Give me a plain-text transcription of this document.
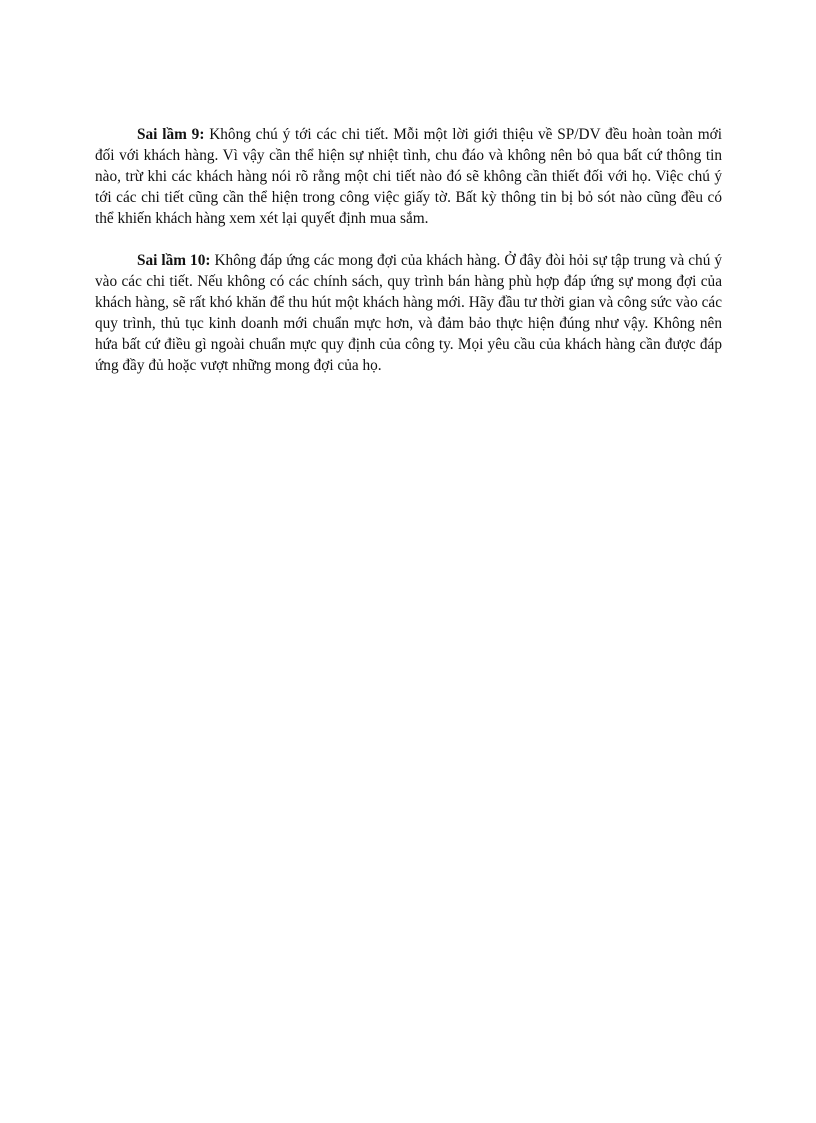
Sai lầm 9: Không chú ý tới các chi tiết. Mỗi một lời giới thiệu về SP/DV đều hoàn toàn mới đối với khách hàng. Vì vậy cần thể hiện sự nhiệt tình, chu đáo và không nên bỏ qua bất cứ thông tin nào, trừ khi các khách hàng nói rõ rằng một chi tiết nào đó sẽ không cần thiết đối với họ. Việc chú ý tới các chi tiết cũng cần thể hiện trong công việc giấy tờ. Bất kỳ thông tin bị bỏ sót nào cũng đều có thể khiến khách hàng xem xét lại quyết định mua sắm.

Sai lầm 10: Không đáp ứng các mong đợi của khách hàng. Ở đây đòi hỏi sự tập trung và chú ý vào các chi tiết. Nếu không có các chính sách, quy trình bán hàng phù hợp đáp ứng sự mong đợi của khách hàng, sẽ rất khó khăn để thu hút một khách hàng mới. Hãy đầu tư thời gian và công sức vào các quy trình, thủ tục kinh doanh mới chuẩn mực hơn, và đảm bảo thực hiện đúng như vậy. Không nên hứa bất cứ điều gì ngoài chuẩn mực quy định của công ty. Mọi yêu cầu của khách hàng cần được đáp ứng đầy đủ hoặc vượt những mong đợi của họ.
